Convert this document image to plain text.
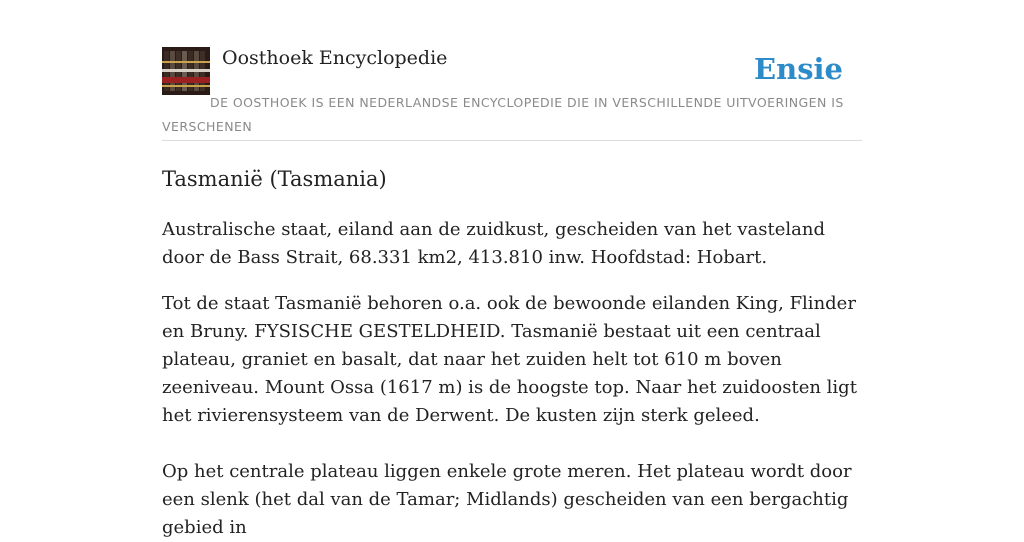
Oosthoek Encyclopedie	Ensie
DE OOSTHOEK IS EEN NEDERLANDSE ENCYCLOPEDIE DIE IN VERSCHILLENDE UITVOERINGEN IS VERSCHENEN
Tasmanië (Tasmania)

Australische staat, eiland aan de zuidkust, gescheiden van het vasteland door de Bass Strait, 68.331 km2, 413.810 inw. Hoofdstad: Hobart.

Tot de staat Tasmanië behoren o.a. ook de bewoonde eilanden King, Flinder en Bruny. FYSISCHE GESTELDHEID. Tasmanië bestaat uit een centraal plateau, graniet en basalt, dat naar het zuiden helt tot 610 m boven zeeniveau. Mount Ossa (1617 m) is de hoogste top. Naar het zuidoosten ligt het rivierensysteem van de Derwent. De kusten zijn sterk geleed.

Op het centrale plateau liggen enkele grote meren. Het plateau wordt door een slenk (het dal van de Tamar; Midlands) gescheiden van een bergachtig gebied in
